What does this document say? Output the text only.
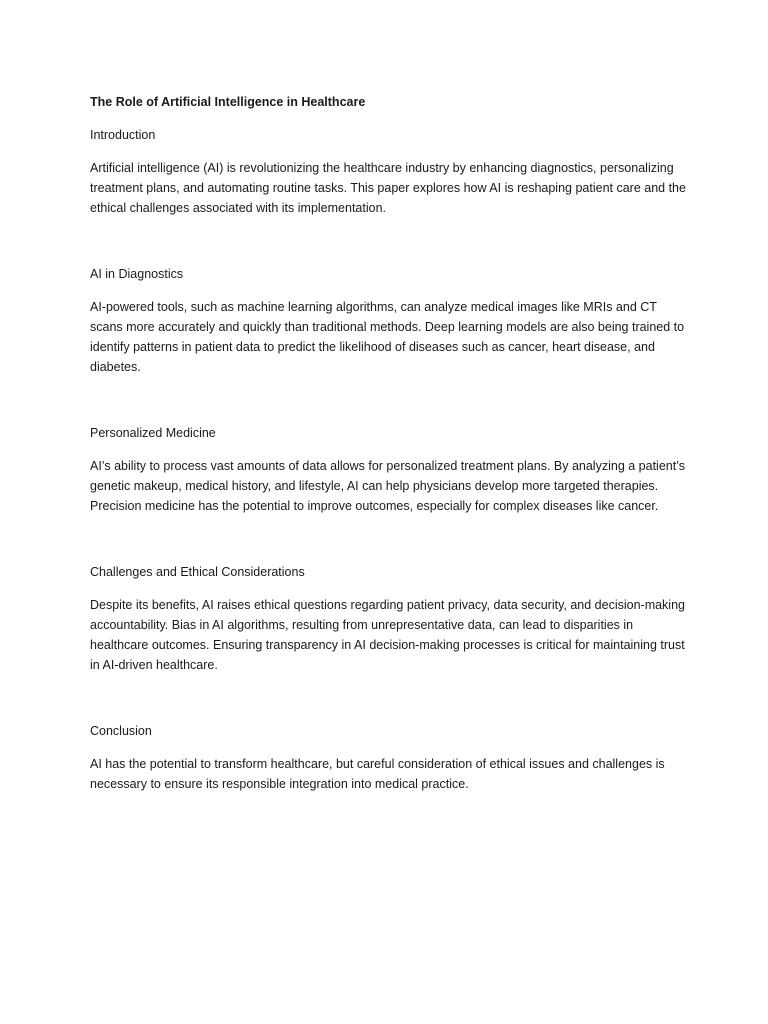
The Role of Artificial Intelligence in Healthcare
Introduction

Artificial intelligence (AI) is revolutionizing the healthcare industry by enhancing diagnostics, personalizing treatment plans, and automating routine tasks. This paper explores how AI is reshaping patient care and the ethical challenges associated with its implementation.

AI in Diagnostics

AI-powered tools, such as machine learning algorithms, can analyze medical images like MRIs and CT scans more accurately and quickly than traditional methods. Deep learning models are also being trained to identify patterns in patient data to predict the likelihood of diseases such as cancer, heart disease, and diabetes.

Personalized Medicine

AI’s ability to process vast amounts of data allows for personalized treatment plans. By analyzing a patient’s genetic makeup, medical history, and lifestyle, AI can help physicians develop more targeted therapies. Precision medicine has the potential to improve outcomes, especially for complex diseases like cancer.

Challenges and Ethical Considerations

Despite its benefits, AI raises ethical questions regarding patient privacy, data security, and decision-making accountability. Bias in AI algorithms, resulting from unrepresentative data, can lead to disparities in healthcare outcomes. Ensuring transparency in AI decision-making processes is critical for maintaining trust in AI-driven healthcare.

Conclusion

AI has the potential to transform healthcare, but careful consideration of ethical issues and challenges is necessary to ensure its responsible integration into medical practice.
